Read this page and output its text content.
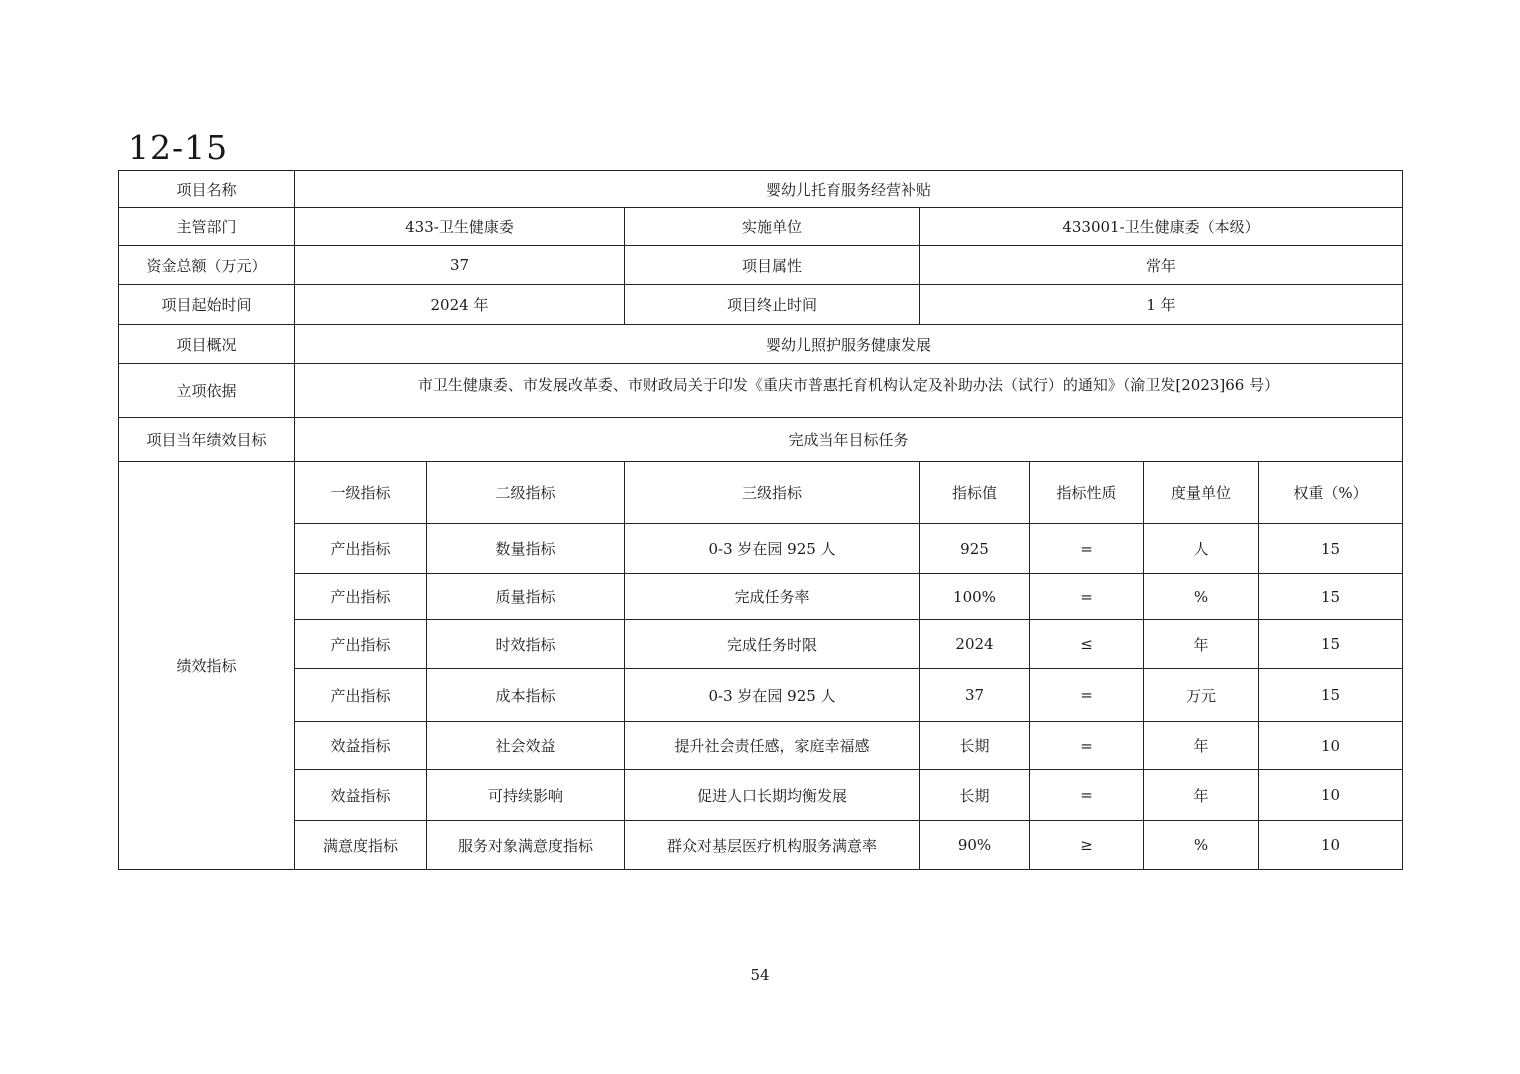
12-15
项目名称	婴幼儿托育服务经营补贴						
主管部门	433-卫生健康委		实施单位	433001-卫生健康委（本级）			
资金总额（万元）	37		项目属性	常年			
项目起始时间	2024 年		项目终止时间	1 年			
项目概况	婴幼儿照护服务健康发展						
立项依据	市卫生健康委、市发展改革委、市财政局关于印发《重庆市普惠托育机构认定及补助办法（试行）的通知》（渝卫发[2023]66 号）						
项目当年绩效目标	完成当年目标任务						
绩效指标	一级指标	二级指标	三级指标	指标值	指标性质	度量单位	权重（%）
	产出指标	数量指标	0-3 岁在园 925 人	925	=	人	15
	产出指标	质量指标	完成任务率	100%	=	%	15
	产出指标	时效指标	完成任务时限	2024	≤	年	15
	产出指标	成本指标	0-3 岁在园 925 人	37	=	万元	15
	效益指标	社会效益	提升社会责任感，家庭幸福感	长期	=	年	10
	效益指标	可持续影响	促进人口长期均衡发展	长期	=	年	10
	满意度指标	服务对象满意度指标	群众对基层医疗机构服务满意率	90%	≥	%	10
54
